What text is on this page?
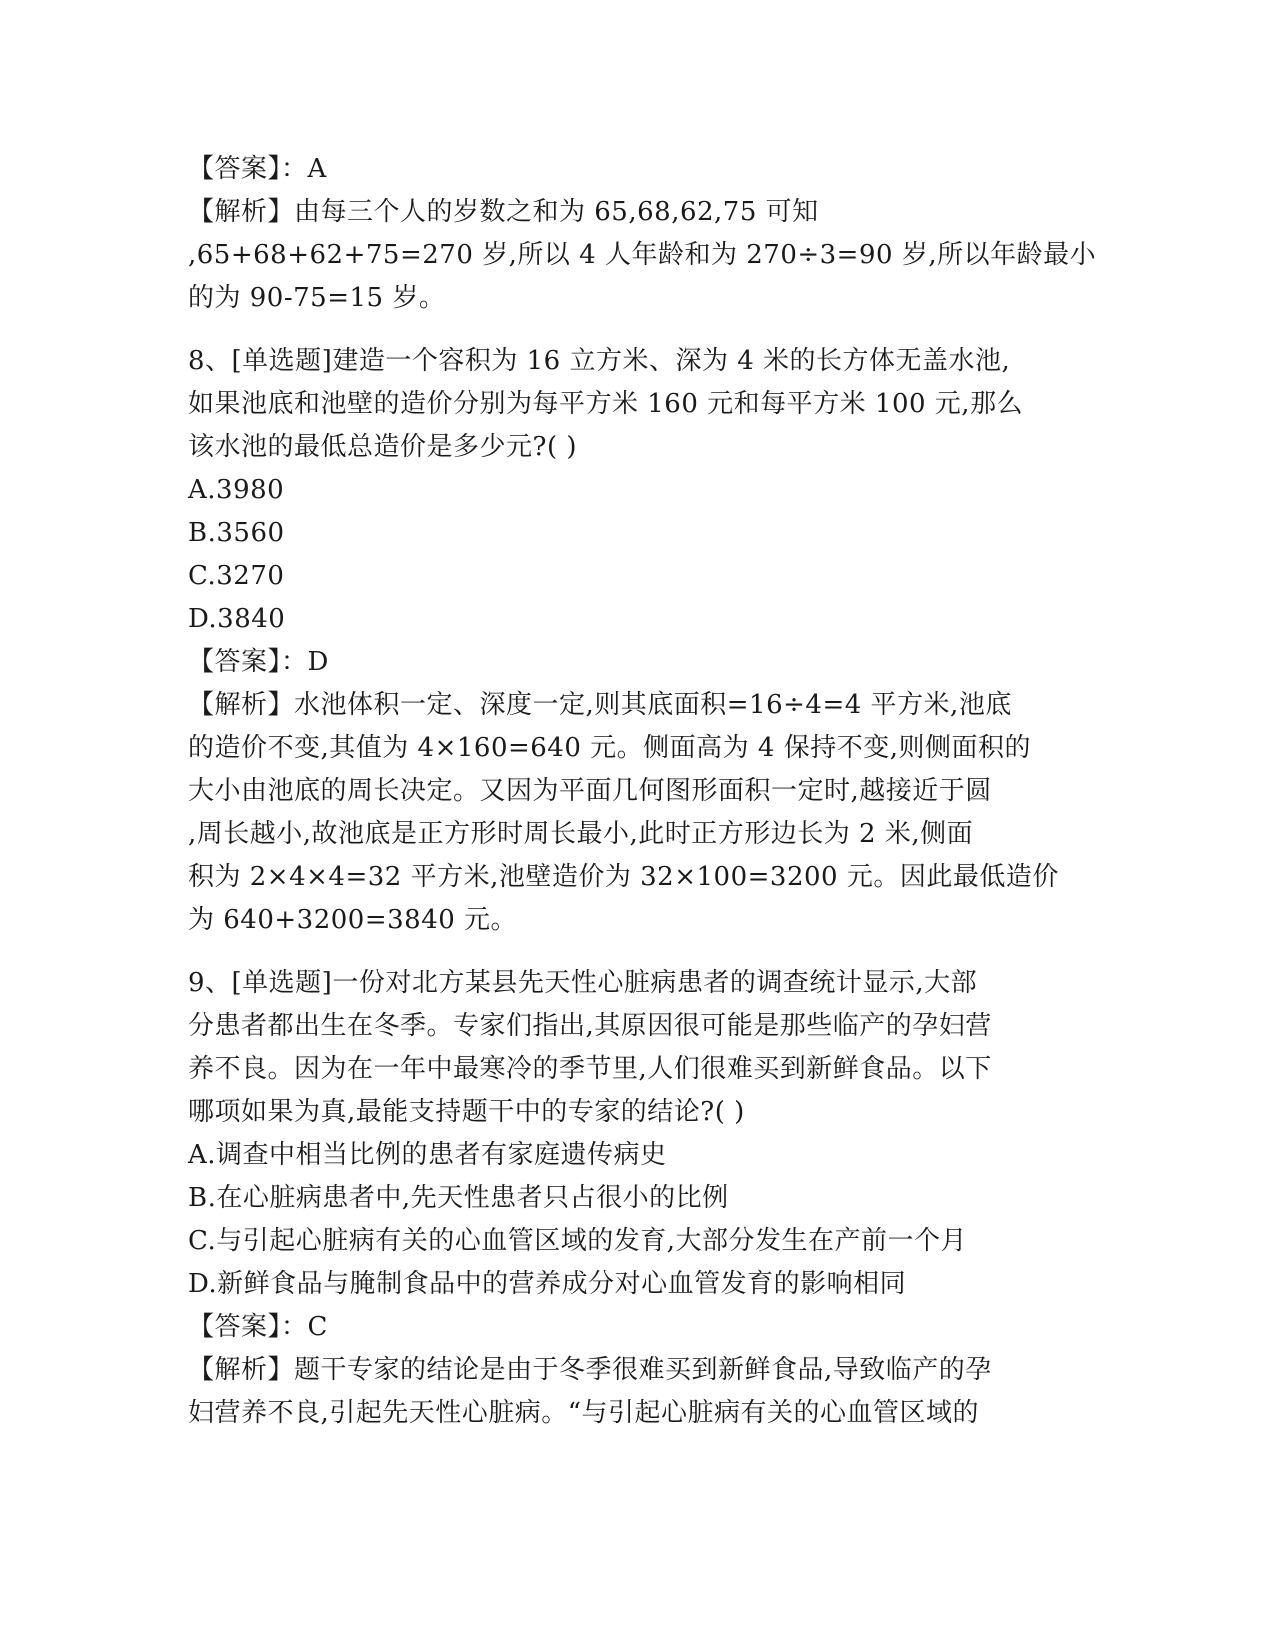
【答案】：A
【解析】由每三个人的岁数之和为 65,68,62,75 可知
,65+68+62+75=270 岁,所以 4 人年龄和为 270÷3=90 岁,所以年龄最小
的为 90-75=15 岁。
8、[单选题]建造一个容积为 16 立方米、深为 4 米的长方体无盖水池,
如果池底和池壁的造价分别为每平方米 160 元和每平方米 100 元,那么
该水池的最低总造价是多少元?( )
A.3980
B.3560
C.3270
D.3840
【答案】：D
【解析】水池体积一定、深度一定,则其底面积=16÷4=4 平方米,池底
的造价不变,其值为 4×160=640 元。侧面高为 4 保持不变,则侧面积的
大小由池底的周长决定。又因为平面几何图形面积一定时,越接近于圆
,周长越小,故池底是正方形时周长最小,此时正方形边长为 2 米,侧面
积为 2×4×4=32 平方米,池壁造价为 32×100=3200 元。因此最低造价
为 640+3200=3840 元。
9、[单选题]一份对北方某县先天性心脏病患者的调查统计显示,大部
分患者都出生在冬季。专家们指出,其原因很可能是那些临产的孕妇营
养不良。因为在一年中最寒冷的季节里,人们很难买到新鲜食品。以下
哪项如果为真,最能支持题干中的专家的结论?( )
A.调查中相当比例的患者有家庭遗传病史
B.在心脏病患者中,先天性患者只占很小的比例
C.与引起心脏病有关的心血管区域的发育,大部分发生在产前一个月
D.新鲜食品与腌制食品中的营养成分对心血管发育的影响相同
【答案】：C
【解析】题干专家的结论是由于冬季很难买到新鲜食品,导致临产的孕
妇营养不良,引起先天性心脏病。“与引起心脏病有关的心血管区域的
